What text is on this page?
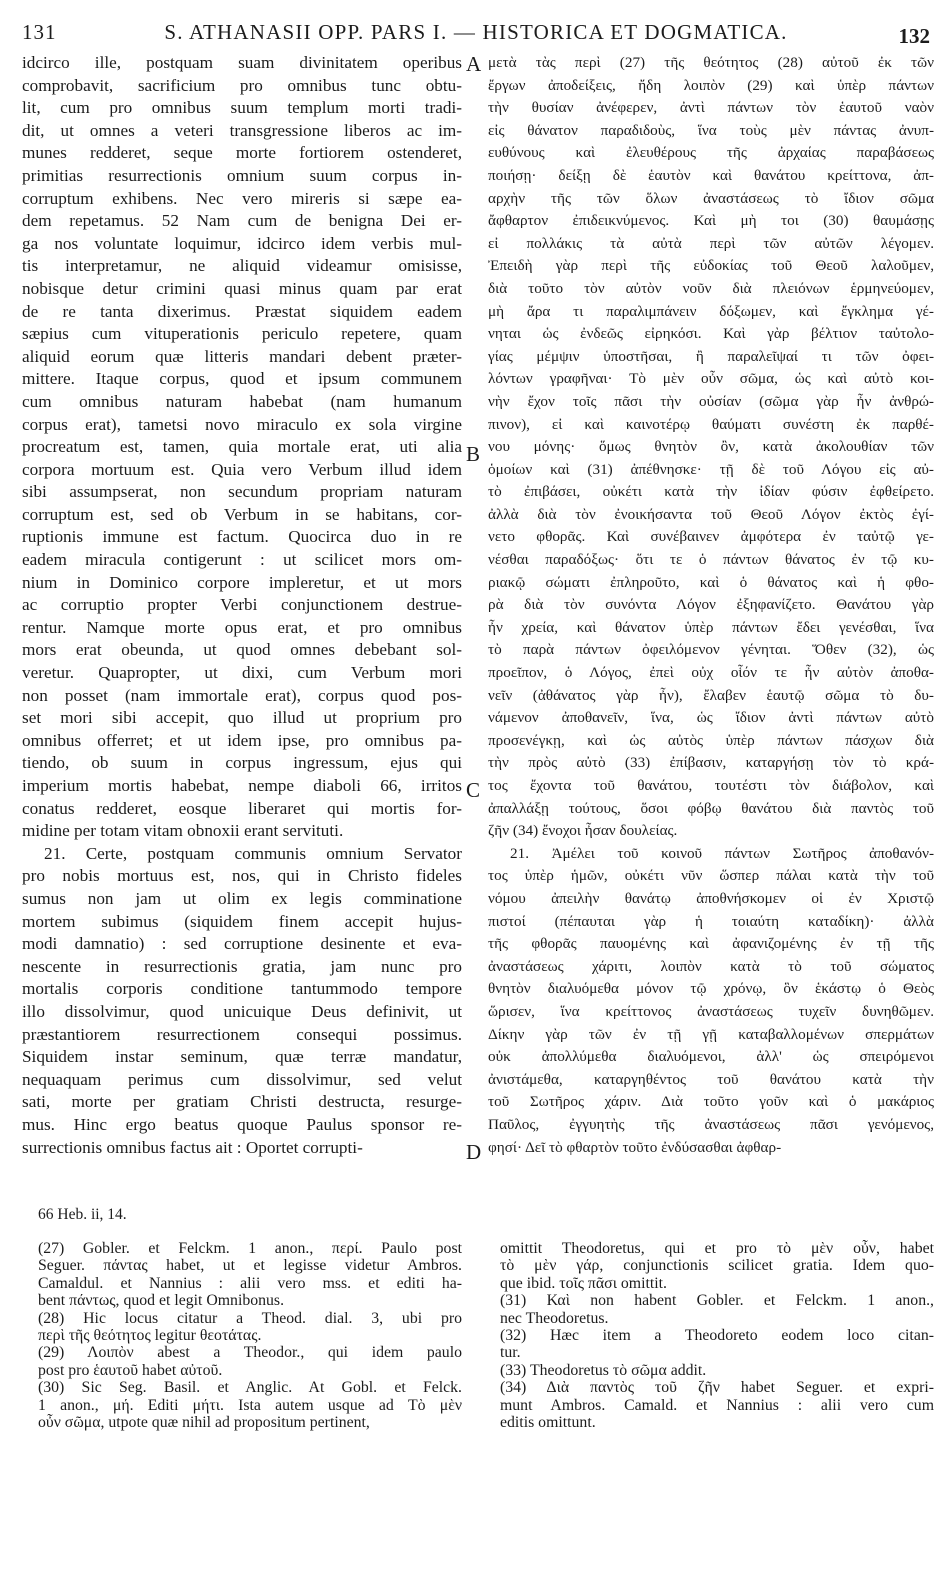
131	S. ATHANASII OPP. PARS I. — HISTORICA ET DOGMATICA.	132
A
B
C
D
idcirco ille, postquam suam divinitatem operibus
comprobavit, sacrificium pro omnibus tunc obtu-
lit, cum pro omnibus suum templum morti tradi-
dit, ut omnes a veteri transgressione liberos ac im-
munes redderet, seque morte fortiorem ostenderet,
primitias resurrectionis omnium suum corpus in-
corruptum exhibens. Nec vero mireris si sæpe ea-
dem repetamus. 52 Nam cum de benigna Dei er-
ga nos voluntate loquimur, idcirco idem verbis mul-
tis interpretamur, ne aliquid videamur omisisse,
nobisque detur crimini quasi minus quam par erat
de re tanta dixerimus. Præstat siquidem eadem
sæpius cum vituperationis periculo repetere, quam
aliquid eorum quæ litteris mandari debent præter-
mittere. Itaque corpus, quod et ipsum communem
cum omnibus naturam habebat (nam humanum
corpus erat), tametsi novo miraculo ex sola virgine
procreatum est, tamen, quia mortale erat, uti alia
corpora mortuum est. Quia vero Verbum illud idem
sibi assumpserat, non secundum propriam naturam
corruptum est, sed ob Verbum in se habitans, cor-
ruptionis immune est factum. Quocirca duo in re
eadem miracula contigerunt : ut scilicet mors om-
nium in Dominico corpore impleretur, et ut mors
ac corruptio propter Verbi conjunctionem destrue-
rentur. Namque morte opus erat, et pro omnibus
mors erat obeunda, ut quod omnes debebant sol-
veretur. Quapropter, ut dixi, cum Verbum mori
non posset (nam immortale erat), corpus quod pos-
set mori sibi accepit, quo illud ut proprium pro
omnibus offerret; et ut idem ipse, pro omnibus pa-
tiendo, ob suum in corpus ingressum, ejus qui
imperium mortis habebat, nempe diaboli 66, irritos
conatus redderet, eosque liberaret qui mortis for-
midine per totam vitam obnoxii erant servituti.
21. Certe, postquam communis omnium Servator
pro nobis mortuus est, nos, qui in Christo fideles
sumus non jam ut olim ex legis comminatione
mortem subimus (siquidem finem accepit hujus-
modi damnatio) : sed corruptione desinente et eva-
nescente in resurrectionis gratia, jam nunc pro
mortalis corporis conditione tantummodo tempore
illo dissolvimur, quod unicuique Deus definivit, ut
præstantiorem resurrectionem consequi possimus.
Siquidem instar seminum, quæ terræ mandatur,
nequaquam perimus cum dissolvimur, sed velut
sati, morte per gratiam Christi destructa, resurge-
mus. Hinc ergo beatus quoque Paulus sponsor re-
surrectionis omnibus factus ait : Oportet corrupti-
μετὰ τὰς περὶ (27) τῆς θεότητος (28) αὐτοῦ ἐκ τῶν
ἔργων ἀποδείξεις, ἤδη λοιπὸν (29) καὶ ὑπὲρ πάντων
τὴν θυσίαν ἀνέφερεν, ἀντὶ πάντων τὸν ἑαυτοῦ ναὸν
εἰς θάνατον παραδιδοὺς, ἵνα τοὺς μὲν πάντας ἀνυπ-
ευθύνους καὶ ἐλευθέρους τῆς ἀρχαίας παραβάσεως
ποιήσῃ· δείξῃ δὲ ἑαυτὸν καὶ θανάτου κρείττονα, ἀπ-
αρχὴν τῆς τῶν ὅλων ἀναστάσεως τὸ ἴδιον σῶμα
ἄφθαρτον ἐπιδεικνύμενος. Καὶ μὴ τοι (30) θαυμάσῃς
εἰ πολλάκις τὰ αὐτὰ περὶ τῶν αὐτῶν λέγομεν.
Ἐπειδὴ γὰρ περὶ τῆς εὐδοκίας τοῦ Θεοῦ λαλοῦμεν,
διὰ τοῦτο τὸν αὐτὸν νοῦν διὰ πλειόνων ἑρμηνεύομεν,
μὴ ἄρα τι παραλιμπάνειν δόξωμεν, καὶ ἔγκλημα γέ-
νηται ὡς ἐνδεῶς εἰρηκόσι. Καὶ γὰρ βέλτιον ταὐτολο-
γίας μέμψιν ὑποστῆσαι, ἢ παραλεῖψαί τι τῶν ὀφει-
λόντων γραφῆναι· Τὸ μὲν οὖν σῶμα, ὡς καὶ αὐτὸ κοι-
νὴν ἔχον τοῖς πᾶσι τὴν οὐσίαν (σῶμα γὰρ ἦν ἀνθρώ-
πινον), εἰ καὶ καινοτέρῳ θαύματι συνέστη ἐκ παρθέ-
νου μόνης· ὅμως θνητὸν ὂν, κατὰ ἀκολουθίαν τῶν
ὁμοίων καὶ (31) ἀπέθνησκε· τῇ δὲ τοῦ Λόγου εἰς αὐ-
τὸ ἐπιβάσει, οὐκέτι κατὰ τὴν ἰδίαν φύσιν ἐφθείρετο.
ἀλλὰ διὰ τὸν ἐνοικήσαντα τοῦ Θεοῦ Λόγον ἐκτὸς ἐγί-
νετο φθορᾶς. Καὶ συνέβαινεν ἀμφότερα ἐν ταὐτῷ γε-
νέσθαι παραδόξως· ὅτι τε ὁ πάντων θάνατος ἐν τῷ κυ-
ριακῷ σώματι ἐπληροῦτο, καὶ ὁ θάνατος καὶ ἡ φθο-
ρὰ διὰ τὸν συνόντα Λόγον ἐξηφανίζετο. Θανάτου γὰρ
ἦν χρεία, καὶ θάνατον ὑπὲρ πάντων ἔδει γενέσθαι, ἵνα
τὸ παρὰ πάντων ὀφειλόμενον γένηται. Ὅθεν (32), ὡς
προεῖπον, ὁ Λόγος, ἐπεὶ οὐχ οἷόν τε ἦν αὐτὸν ἀποθα-
νεῖν (ἀθάνατος γὰρ ἦν), ἔλαβεν ἑαυτῷ σῶμα τὸ δυ-
νάμενον ἀποθανεῖν, ἵνα, ὡς ἴδιον ἀντὶ πάντων αὐτὸ
προσενέγκῃ, καὶ ὡς αὐτὸς ὑπὲρ πάντων πάσχων διὰ
τὴν πρὸς αὐτὸ (33) ἐπίβασιν, καταργήσῃ τὸν τὸ κρά-
τος ἔχοντα τοῦ θανάτου, τουτέστι τὸν διάβολον, καὶ
ἀπαλλάξῃ τούτους, ὅσοι φόβῳ θανάτου διὰ παντὸς τοῦ
ζῆν (34) ἔνοχοι ἦσαν δουλείας.
21. Ἀμέλει τοῦ κοινοῦ πάντων Σωτῆρος ἀποθανόν-
τος ὑπὲρ ἡμῶν, οὐκέτι νῦν ὥσπερ πάλαι κατὰ τὴν τοῦ
νόμου ἀπειλὴν θανάτῳ ἀποθνήσκομεν οἱ ἐν Χριστῷ
πιστοί (πέπαυται γὰρ ἡ τοιαύτη καταδίκη)· ἀλλὰ
τῆς φθορᾶς παυομένης καὶ ἀφανιζομένης ἐν τῇ τῆς
ἀναστάσεως χάριτι, λοιπὸν κατὰ τὸ τοῦ σώματος
θνητὸν διαλυόμεθα μόνον τῷ χρόνῳ, ὃν ἑκάστῳ ὁ Θεὸς
ὥρισεν, ἵνα κρείττονος ἀναστάσεως τυχεῖν δυνηθῶμεν.
Δίκην γὰρ τῶν ἐν τῇ γῇ καταβαλλομένων σπερμάτων
οὐκ ἀπολλύμεθα διαλυόμενοι, ἀλλ' ὡς σπειρόμενοι
ἀνιστάμεθα, καταργηθέντος τοῦ θανάτου κατὰ τὴν
τοῦ Σωτῆρος χάριν. Διὰ τοῦτο γοῦν καὶ ὁ μακάριος
Παῦλος, ἐγγυητὴς τῆς ἀναστάσεως πᾶσι γενόμενος,
φησί· Δεῖ τὸ φθαρτὸν τοῦτο ἐνδύσασθαι ἀφθαρ-
66 Heb. ii, 14.
(27) Gobler. et Felckm. 1 anon., περί. Paulo post
Seguer. πάντας habet, ut et legisse videtur Ambros.
Camaldul. et Nannius : alii vero mss. et editi ha-
bent πάντως, quod et legit Omnibonus.
(28) Hic locus citatur a Theod. dial. 3, ubi pro
περὶ τῆς θεότητος legitur θεοτάτας.
(29) Λοιπὸν abest a Theodor., qui idem paulo
post pro ἑαυτοῦ habet αὐτοῦ.
(30) Sic Seg. Basil. et Anglic. At Gobl. et Felck.
1 anon., μή. Editi μήτι. Ista autem usque ad Τὸ μὲν
οὖν σῶμα, utpote quæ nihil ad propositum pertinent,
omittit Theodoretus, qui et pro τὸ μὲν οὖν, habet
τὸ μὲν γάρ, conjunctionis scilicet gratia. Idem quo-
que ibid. τοῖς πᾶσι omittit.
(31) Καὶ non habent Gobler. et Felckm. 1 anon.,
nec Theodoretus.
(32) Hæc item a Theodoreto eodem loco citan-
tur.
(33) Theodoretus τὸ σῶμα addit.
(34) Διὰ παντὸς τοῦ ζῆν habet Seguer. et expri-
munt Ambros. Camald. et Nannius : alii vero cum
editis omittunt.
